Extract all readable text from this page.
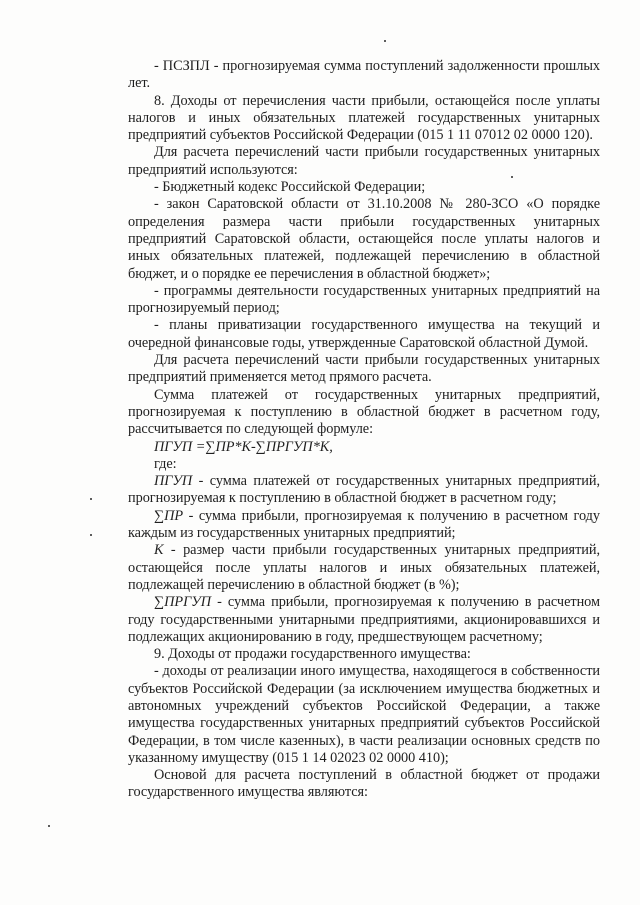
- ПСЗПЛ - прогнозируемая сумма поступлений задолженности прошлых лет.

8. Доходы от перечисления части прибыли, остающейся после уплаты налогов и иных обязательных платежей государственных унитарных предприятий субъектов Российской Федерации (015 1 11 07012 02 0000 120).

Для расчета перечислений части прибыли государственных унитарных предприятий используются:

- Бюджетный кодекс Российской Федерации;

- закон Саратовской области от 31.10.2008 № 280-ЗСО «О порядке определения размера части прибыли государственных унитарных предприятий Саратовской области, остающейся после уплаты налогов и иных обязательных платежей, подлежащей перечислению в областной бюджет, и о порядке ее перечисления в областной бюджет»;

- программы деятельности государственных унитарных предприятий на прогнозируемый период;

- планы приватизации государственного имущества на текущий и очередной финансовые годы, утвержденные Саратовской областной Думой.

Для расчета перечислений части прибыли государственных унитарных предприятий применяется метод прямого расчета.

Сумма платежей от государственных унитарных предприятий, прогнозируемая к поступлению в областной бюджет в расчетном году, рассчитывается по следующей формуле:

ПГУП =∑ПР*К-∑ПРГУП*К,

где:

ПГУП - сумма платежей от государственных унитарных предприятий, прогнозируемая к поступлению в областной бюджет в расчетном году;

∑ПР - сумма прибыли, прогнозируемая к получению в расчетном году каждым из государственных унитарных предприятий;

К - размер части прибыли государственных унитарных предприятий, остающейся после уплаты налогов и иных обязательных платежей, подлежащей перечислению в областной бюджет (в %);

∑ПРГУП - сумма прибыли, прогнозируемая к получению в расчетном году государственными унитарными предприятиями, акционировавшихся и подлежащих акционированию в году, предшествующем расчетному;

9. Доходы от продажи государственного имущества:

- доходы от реализации иного имущества, находящегося в собственности субъектов Российской Федерации (за исключением имущества бюджетных и автономных учреждений субъектов Российской Федерации, а также имущества государственных унитарных предприятий субъектов Российской Федерации, в том числе казенных), в части реализации основных средств по указанному имуществу (015 1 14 02023 02 0000 410);

Основой для расчета поступлений в областной бюджет от продажи государственного имущества являются:
